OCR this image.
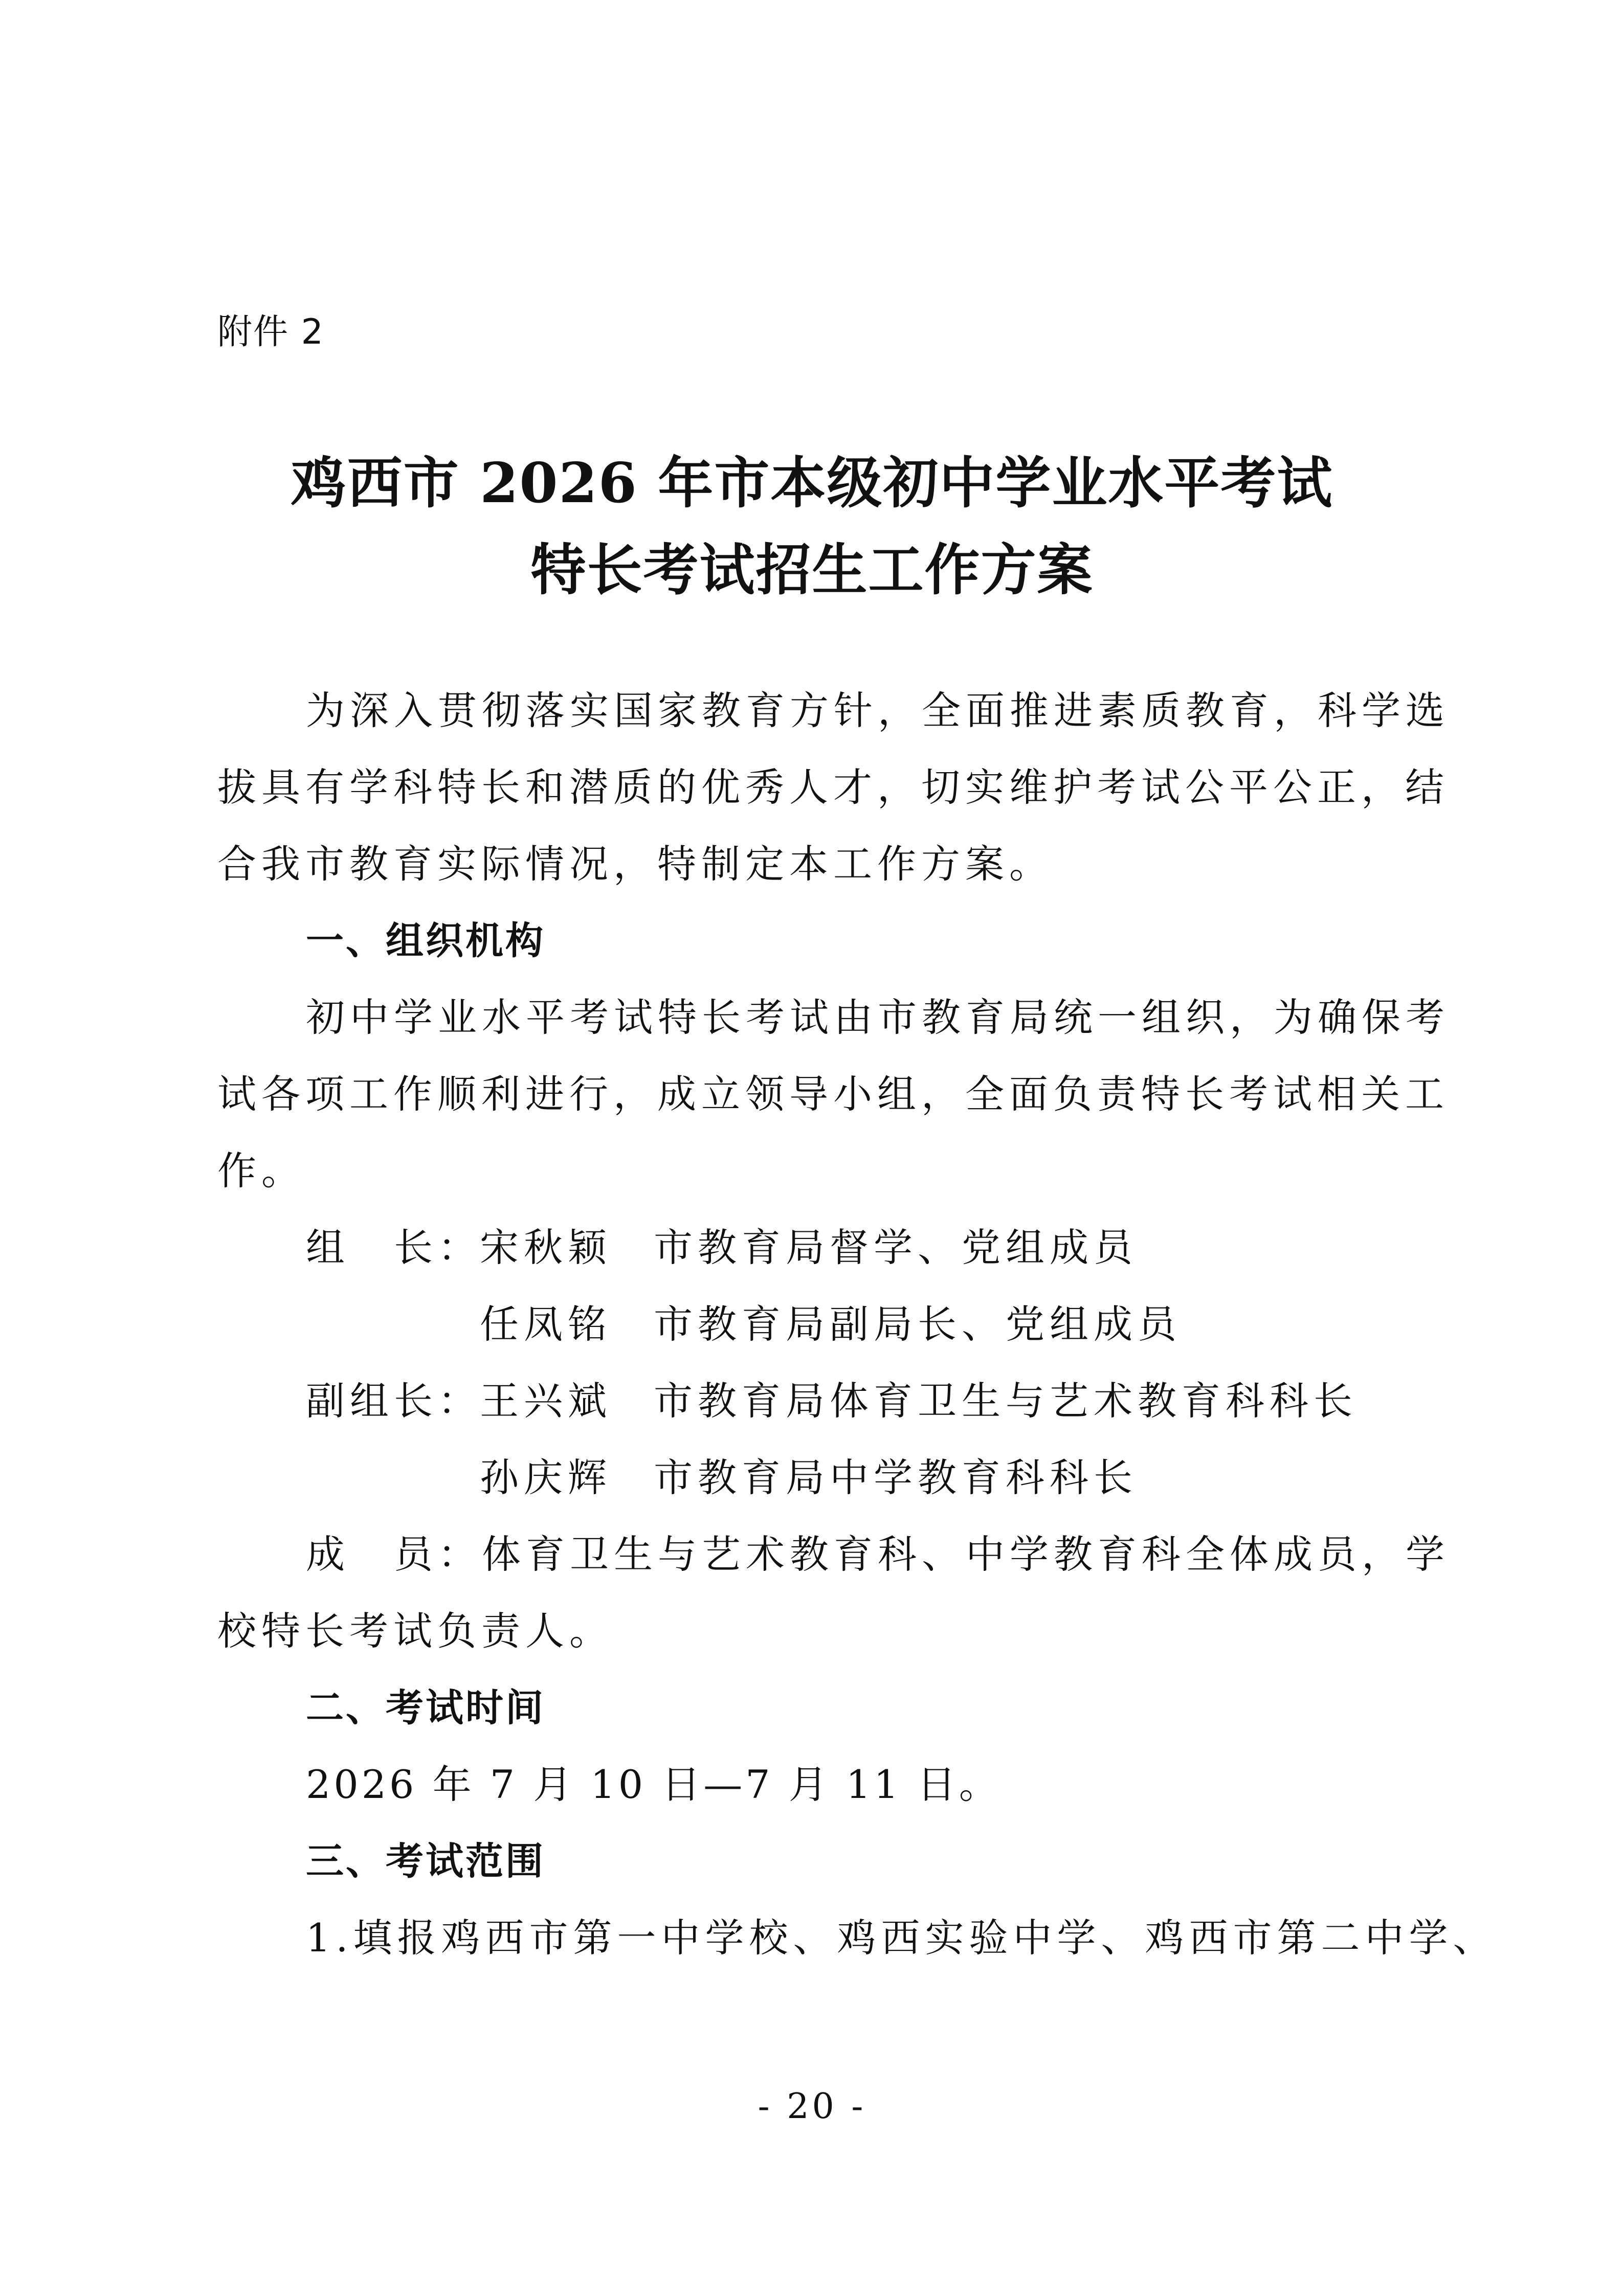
附件 2
鸡西市 2026 年市本级初中学业水平考试
特长考试招生工作方案
为深入贯彻落实国家教育方针，全面推进素质教育，科学选
拔具有学科特长和潜质的优秀人才，切实维护考试公平公正，结
合我市教育实际情况，特制定本工作方案。
一、组织机构
初中学业水平考试特长考试由市教育局统一组织，为确保考
试各项工作顺利进行，成立领导小组，全面负责特长考试相关工
作。
组　长：
宋秋颖 市教育局督学、党组成员
任凤铭 市教育局副局长、党组成员
副组长：
王兴斌 市教育局体育卫生与艺术教育科科长
孙庆辉 市教育局中学教育科科长
成　员：体育卫生与艺术教育科、中学教育科全体成员，学
校特长考试负责人。
二、考试时间
2026 年 7 月 10 日—7 月 11 日。
三、考试范围
1.填报鸡西市第一中学校、鸡西实验中学、鸡西市第二中学、
- 20 -
